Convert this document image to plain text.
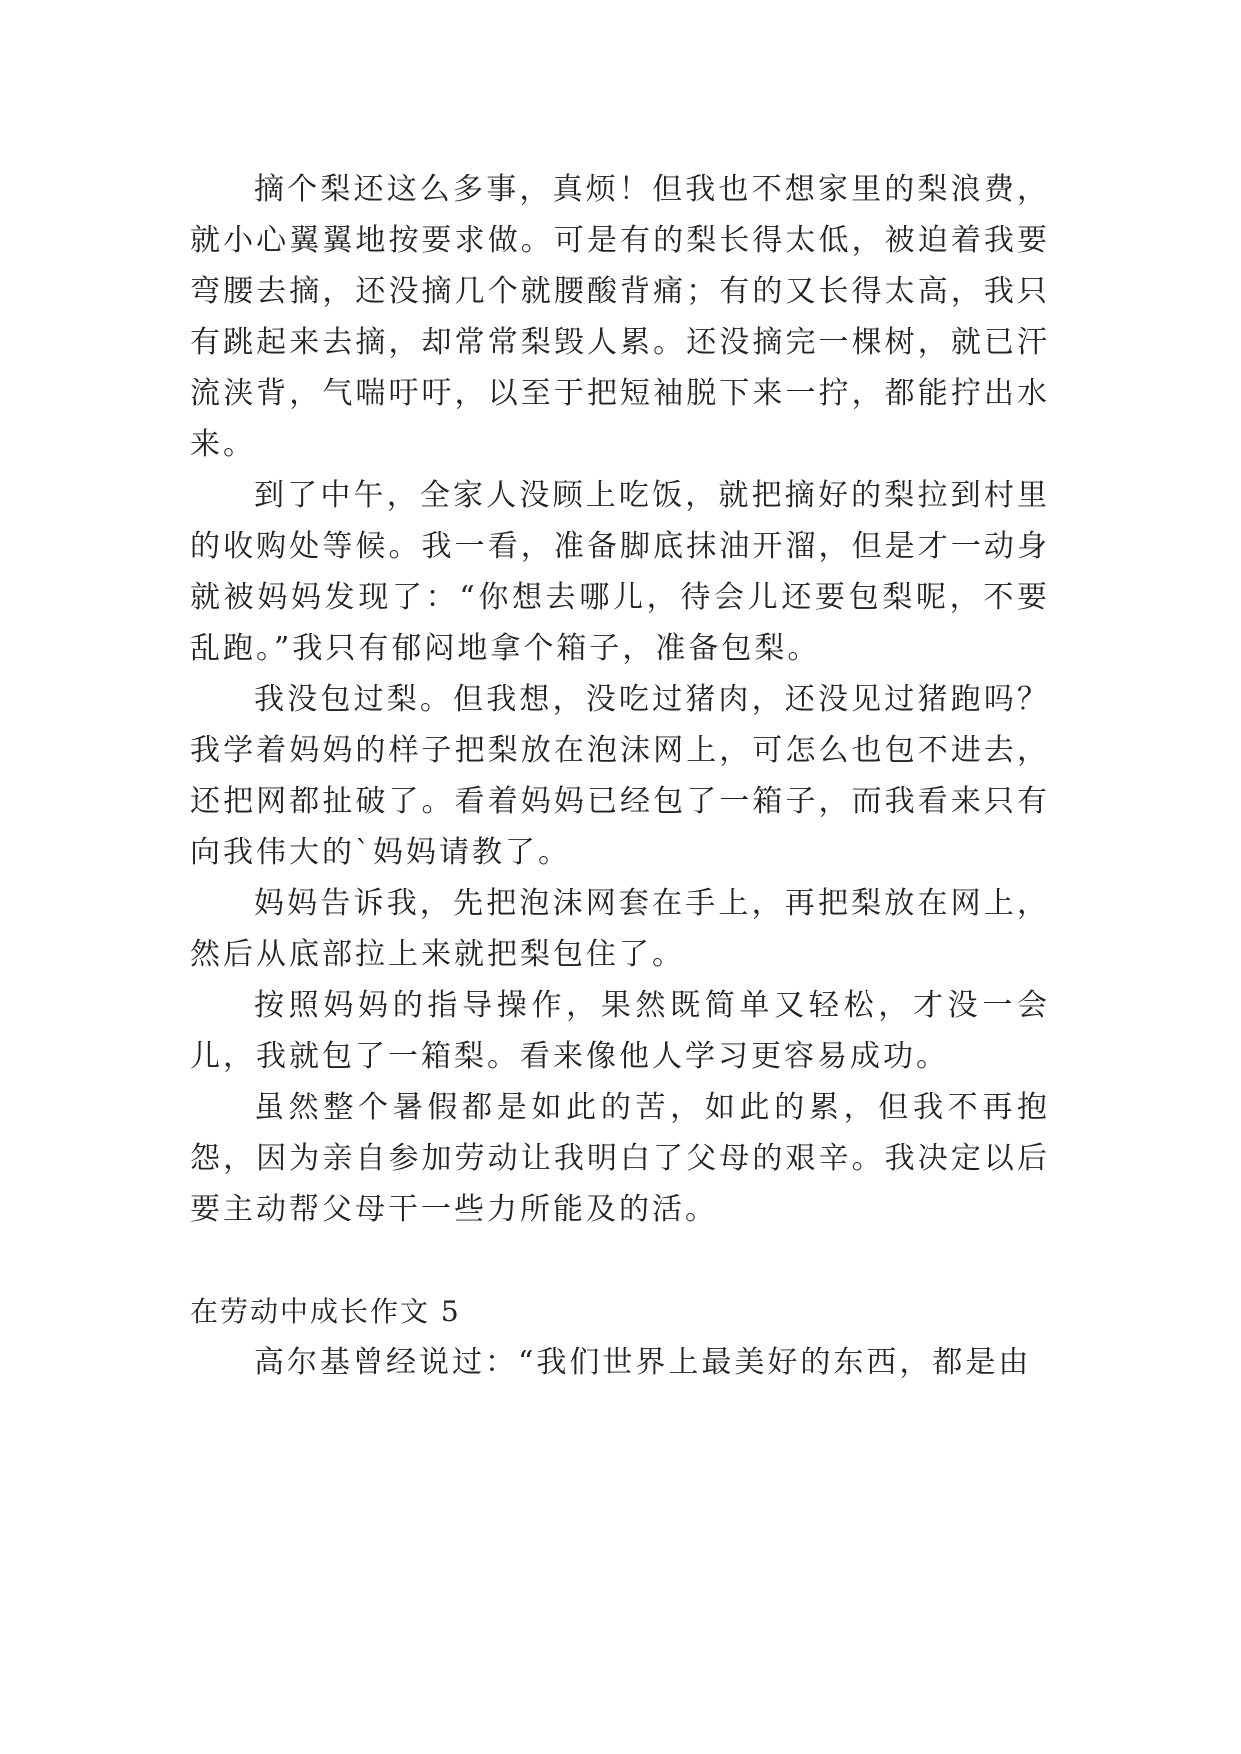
摘个梨还这么多事，真烦！但我也不想家里的梨浪费，就小心翼翼地按要求做。可是有的梨长得太低，被迫着我要弯腰去摘，还没摘几个就腰酸背痛；有的又长得太高，我只有跳起来去摘，却常常梨毁人累。还没摘完一棵树，就已汗流浃背，气喘吁吁，以至于把短袖脱下来一拧，都能拧出水来。

到了中午，全家人没顾上吃饭，就把摘好的梨拉到村里的收购处等候。我一看，准备脚底抹油开溜，但是才一动身就被妈妈发现了：“你想去哪儿，待会儿还要包梨呢，不要乱跑。”我只有郁闷地拿个箱子，准备包梨。

我没包过梨。但我想，没吃过猪肉，还没见过猪跑吗？我学着妈妈的样子把梨放在泡沫网上，可怎么也包不进去，还把网都扯破了。看着妈妈已经包了一箱子，而我看来只有向我伟大的`妈妈请教了。

妈妈告诉我，先把泡沫网套在手上，再把梨放在网上，然后从底部拉上来就把梨包住了。

按照妈妈的指导操作，果然既简单又轻松，才没一会儿，我就包了一箱梨。看来像他人学习更容易成功。

虽然整个暑假都是如此的苦，如此的累，但我不再抱怨，因为亲自参加劳动让我明白了父母的艰辛。我决定以后要主动帮父母干一些力所能及的活。

在劳动中成长作文 5

高尔基曾经说过：“我们世界上最美好的东西，都是由
